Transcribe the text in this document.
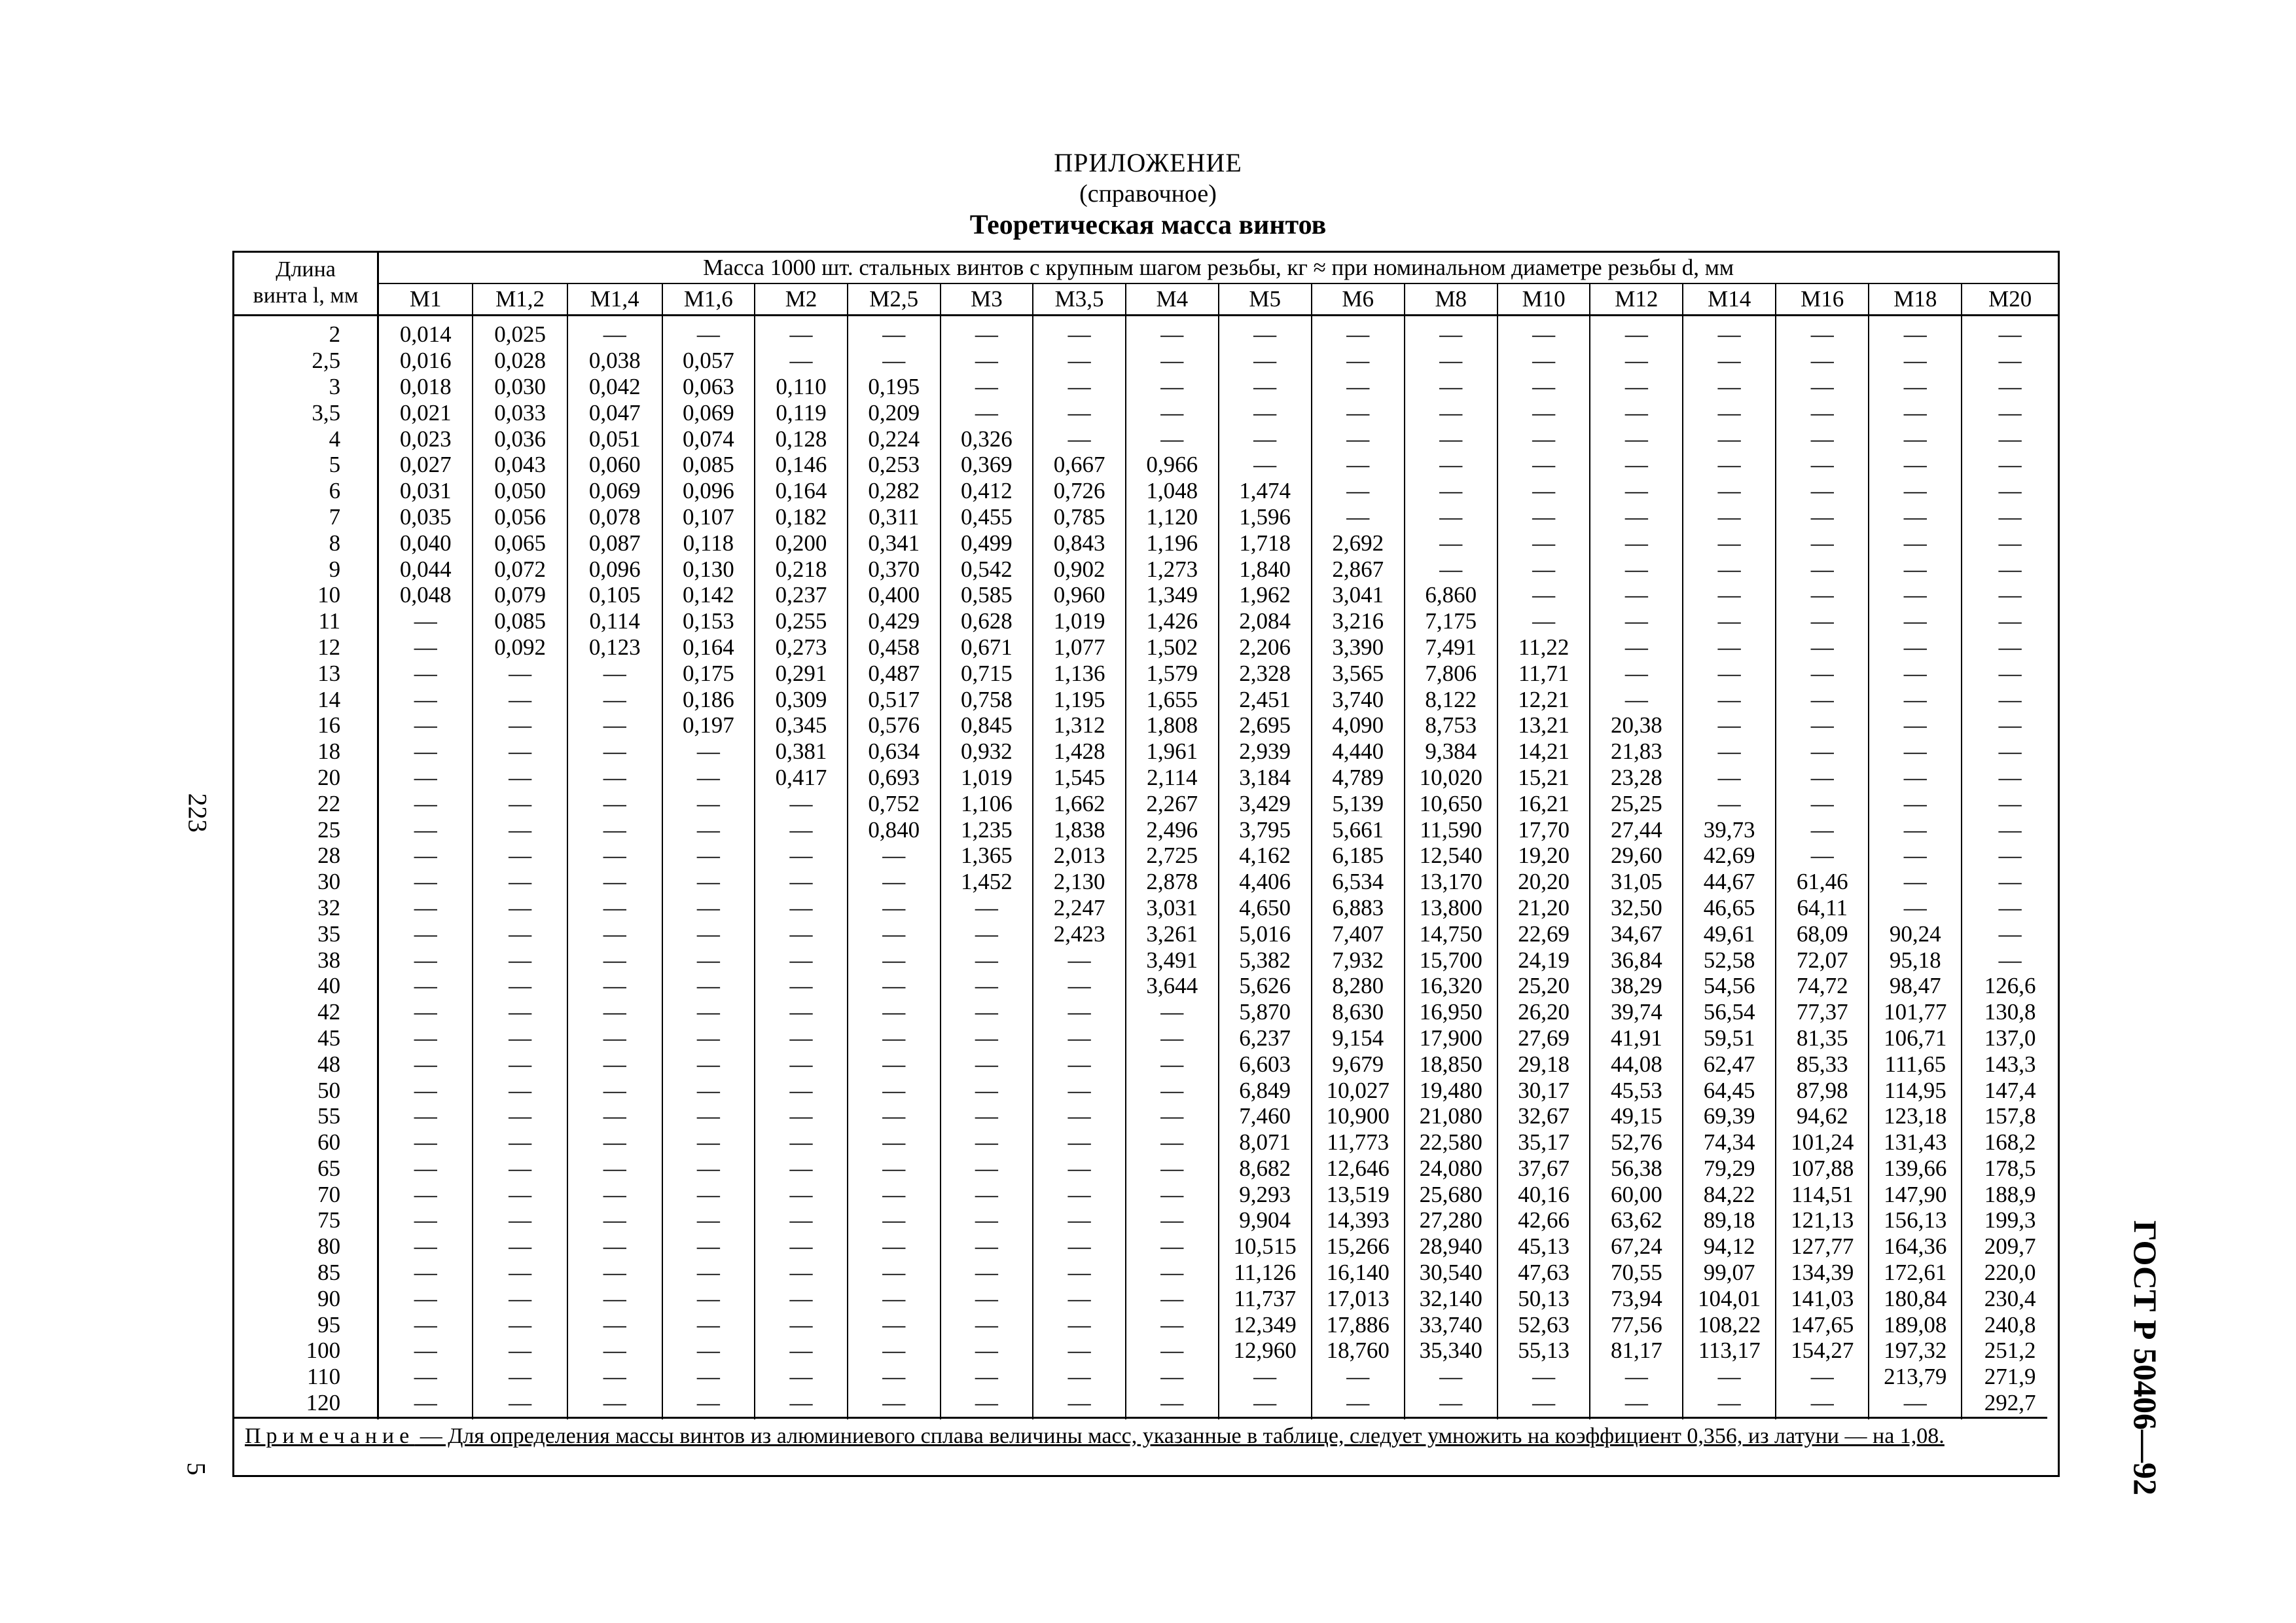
ПРИЛОЖЕНИЕ
(справочное)
Теоретическая масса винтов
223
5	ГОСТ Р 50406—92
Длина
винта l, мм	Масса 1000 шт. стальных винтов с крупным шагом резьбы, кг ≈ при номинальном диаметре резьбы d, мм																	
	M1	M1,2	M1,4	M1,6	M2	M2,5	M3	M3,5	M4	M5	M6	M8	M10	M12	M14	M16	M18	M20
2	0,014	0,025	—	—	—	—	—	—	—	—	—	—	—	—	—	—	—	—
2,5	0,016	0,028	0,038	0,057	—	—	—	—	—	—	—	—	—	—	—	—	—	—
3	0,018	0,030	0,042	0,063	0,110	0,195	—	—	—	—	—	—	—	—	—	—	—	—
3,5	0,021	0,033	0,047	0,069	0,119	0,209	—	—	—	—	—	—	—	—	—	—	—	—
4	0,023	0,036	0,051	0,074	0,128	0,224	0,326	—	—	—	—	—	—	—	—	—	—	—
5	0,027	0,043	0,060	0,085	0,146	0,253	0,369	0,667	0,966	—	—	—	—	—	—	—	—	—
6	0,031	0,050	0,069	0,096	0,164	0,282	0,412	0,726	1,048	1,474	—	—	—	—	—	—	—	—
7	0,035	0,056	0,078	0,107	0,182	0,311	0,455	0,785	1,120	1,596	—	—	—	—	—	—	—	—
8	0,040	0,065	0,087	0,118	0,200	0,341	0,499	0,843	1,196	1,718	2,692	—	—	—	—	—	—	—
9	0,044	0,072	0,096	0,130	0,218	0,370	0,542	0,902	1,273	1,840	2,867	—	—	—	—	—	—	—
10	0,048	0,079	0,105	0,142	0,237	0,400	0,585	0,960	1,349	1,962	3,041	6,860	—	—	—	—	—	—
11	—	0,085	0,114	0,153	0,255	0,429	0,628	1,019	1,426	2,084	3,216	7,175	—	—	—	—	—	—
12	—	0,092	0,123	0,164	0,273	0,458	0,671	1,077	1,502	2,206	3,390	7,491	11,22	—	—	—	—	—
13	—	—	—	0,175	0,291	0,487	0,715	1,136	1,579	2,328	3,565	7,806	11,71	—	—	—	—	—
14	—	—	—	0,186	0,309	0,517	0,758	1,195	1,655	2,451	3,740	8,122	12,21	—	—	—	—	—
16	—	—	—	0,197	0,345	0,576	0,845	1,312	1,808	2,695	4,090	8,753	13,21	20,38	—	—	—	—
18	—	—	—	—	0,381	0,634	0,932	1,428	1,961	2,939	4,440	9,384	14,21	21,83	—	—	—	—
20	—	—	—	—	0,417	0,693	1,019	1,545	2,114	3,184	4,789	10,020	15,21	23,28	—	—	—	—
22	—	—	—	—	—	0,752	1,106	1,662	2,267	3,429	5,139	10,650	16,21	25,25	—	—	—	—
25	—	—	—	—	—	0,840	1,235	1,838	2,496	3,795	5,661	11,590	17,70	27,44	39,73	—	—	—
28	—	—	—	—	—	—	1,365	2,013	2,725	4,162	6,185	12,540	19,20	29,60	42,69	—	—	—
30	—	—	—	—	—	—	1,452	2,130	2,878	4,406	6,534	13,170	20,20	31,05	44,67	61,46	—	—
32	—	—	—	—	—	—	—	2,247	3,031	4,650	6,883	13,800	21,20	32,50	46,65	64,11	—	—
35	—	—	—	—	—	—	—	2,423	3,261	5,016	7,407	14,750	22,69	34,67	49,61	68,09	90,24	—
38	—	—	—	—	—	—	—	—	3,491	5,382	7,932	15,700	24,19	36,84	52,58	72,07	95,18	—
40	—	—	—	—	—	—	—	—	3,644	5,626	8,280	16,320	25,20	38,29	54,56	74,72	98,47	126,6
42	—	—	—	—	—	—	—	—	—	5,870	8,630	16,950	26,20	39,74	56,54	77,37	101,77	130,8
45	—	—	—	—	—	—	—	—	—	6,237	9,154	17,900	27,69	41,91	59,51	81,35	106,71	137,0
48	—	—	—	—	—	—	—	—	—	6,603	9,679	18,850	29,18	44,08	62,47	85,33	111,65	143,3
50	—	—	—	—	—	—	—	—	—	6,849	10,027	19,480	30,17	45,53	64,45	87,98	114,95	147,4
55	—	—	—	—	—	—	—	—	—	7,460	10,900	21,080	32,67	49,15	69,39	94,62	123,18	157,8
60	—	—	—	—	—	—	—	—	—	8,071	11,773	22,580	35,17	52,76	74,34	101,24	131,43	168,2
65	—	—	—	—	—	—	—	—	—	8,682	12,646	24,080	37,67	56,38	79,29	107,88	139,66	178,5
70	—	—	—	—	—	—	—	—	—	9,293	13,519	25,680	40,16	60,00	84,22	114,51	147,90	188,9
75	—	—	—	—	—	—	—	—	—	9,904	14,393	27,280	42,66	63,62	89,18	121,13	156,13	199,3
80	—	—	—	—	—	—	—	—	—	10,515	15,266	28,940	45,13	67,24	94,12	127,77	164,36	209,7
85	—	—	—	—	—	—	—	—	—	11,126	16,140	30,540	47,63	70,55	99,07	134,39	172,61	220,0
90	—	—	—	—	—	—	—	—	—	11,737	17,013	32,140	50,13	73,94	104,01	141,03	180,84	230,4
95	—	—	—	—	—	—	—	—	—	12,349	17,886	33,740	52,63	77,56	108,22	147,65	189,08	240,8
100	—	—	—	—	—	—	—	—	—	12,960	18,760	35,340	55,13	81,17	113,17	154,27	197,32	251,2
110	—	—	—	—	—	—	—	—	—	—	—	—	—	—	—	—	213,79	271,9
120	—	—	—	—	—	—	—	—	—	—	—	—	—	—	—	—	—	292,7
Примечание — Для определения массы винтов из алюминиевого сплава величины масс, указанные в таблице, следует умножить на коэффициент 0,356, из латуни — на 1,08.
